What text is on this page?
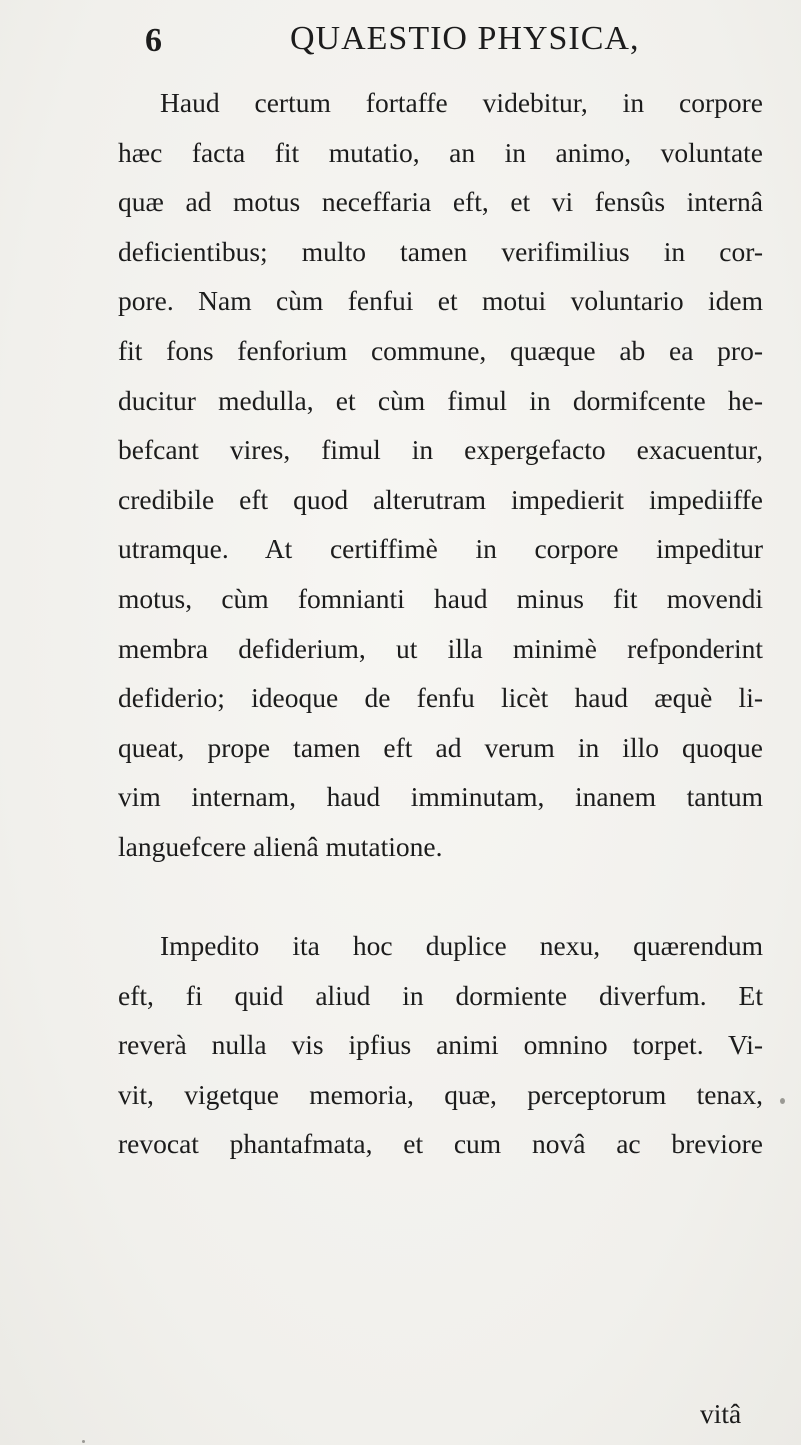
6	QUAESTIO PHYSICA,
Haud certum fortaffe videbitur, in corpore
hæc facta fit mutatio, an in animo, voluntate
quæ ad motus neceffaria eft, et vi fensûs internâ
deficientibus; multo tamen verifimilius in cor-
pore. Nam cùm fenfui et motui voluntario idem
fit fons fenforium commune, quæque ab ea pro-
ducitur medulla, et cùm fimul in dormifcente he-
befcant vires, fimul in expergefacto exacuentur,
credibile eft quod alterutram impedierit impediiffe
utramque. At certiffimè in corpore impeditur
motus, cùm fomnianti haud minus fit movendi
membra defiderium, ut illa minimè refponderint
defiderio; ideoque de fenfu licèt haud æquè li-
queat, prope tamen eft ad verum in illo quoque
vim internam, haud imminutam, inanem tantum
languefcere alienâ mutatione.
Impedito ita hoc duplice nexu, quærendum
eft, fi quid aliud in dormiente diverfum. Et
reverà nulla vis ipfius animi omnino torpet. Vi-
vit, vigetque memoria, quæ, perceptorum tenax,
revocat phantafmata, et cum novâ ac breviore
vitâ
